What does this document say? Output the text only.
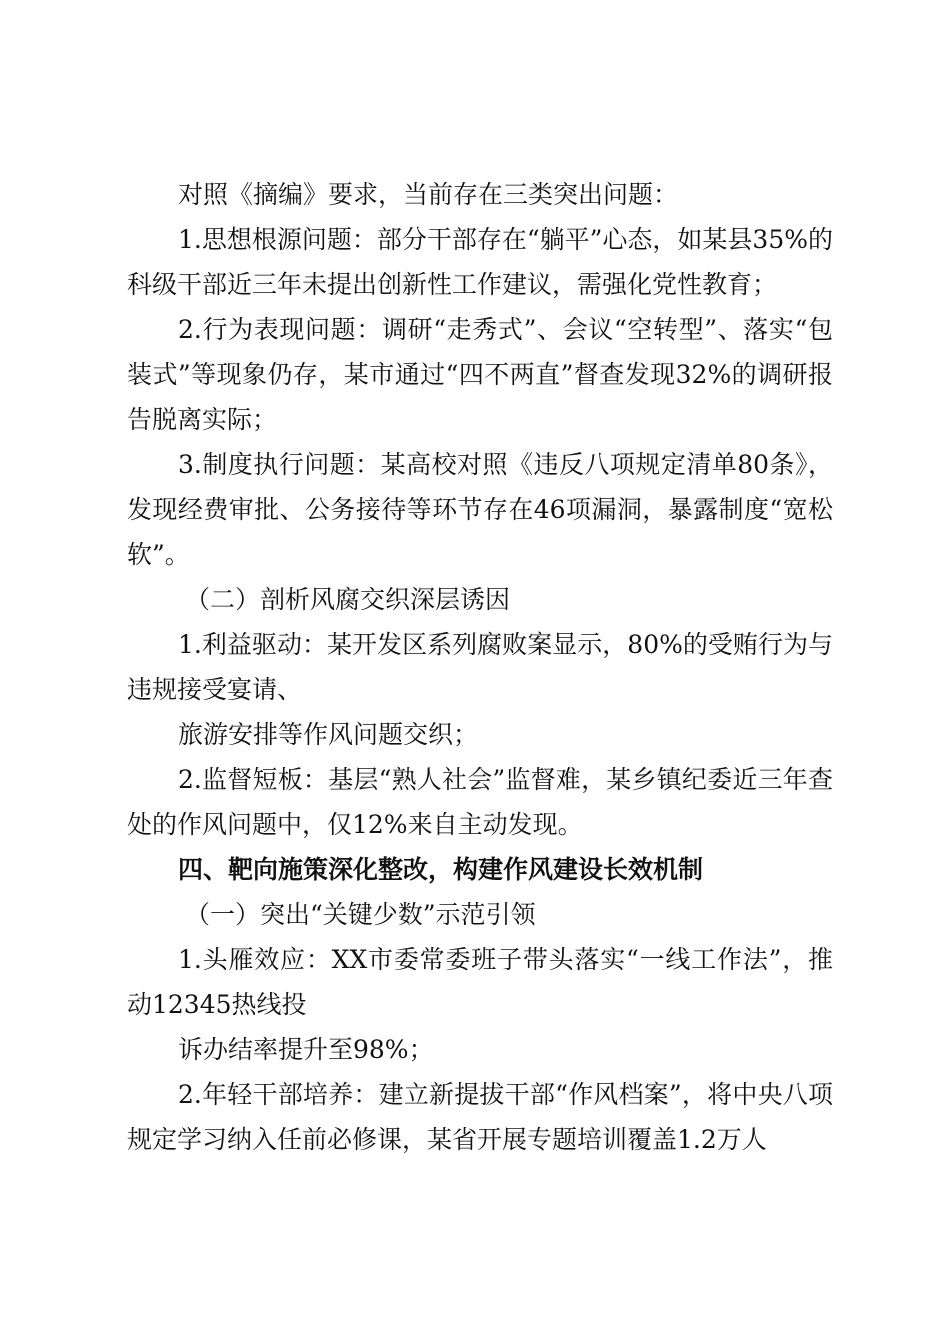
对照《摘编》要求，当前存在三类突出问题：

1.思想根源问题：部分干部存在“躺平”心态，如某县35%的科级干部近三年未提出创新性工作建议，需强化党性教育；

2.行为表现问题：调研“走秀式”、会议“空转型”、落实“包装式”等现象仍存，某市通过“四不两直”督查发现32%的调研报告脱离实际；

3.制度执行问题：某高校对照《违反八项规定清单80条》，发现经费审批、公务接待等环节存在46项漏洞，暴露制度“宽松软”。

（二）剖析风腐交织深层诱因

1.利益驱动：某开发区系列腐败案显示，80%的受贿行为与违规接受宴请、

旅游安排等作风问题交织；

2.监督短板：基层“熟人社会”监督难，某乡镇纪委近三年查处的作风问题中，仅12%来自主动发现。

四、靶向施策深化整改，构建作风建设长效机制

（一）突出“关键少数”示范引领

1.头雁效应：XX市委常委班子带头落实“一线工作法”，推动12345热线投

诉办结率提升至98%；

2.年轻干部培养：建立新提拔干部“作风档案”，将中央八项规定学习纳入任前必修课，某省开展专题培训覆盖1.2万人
